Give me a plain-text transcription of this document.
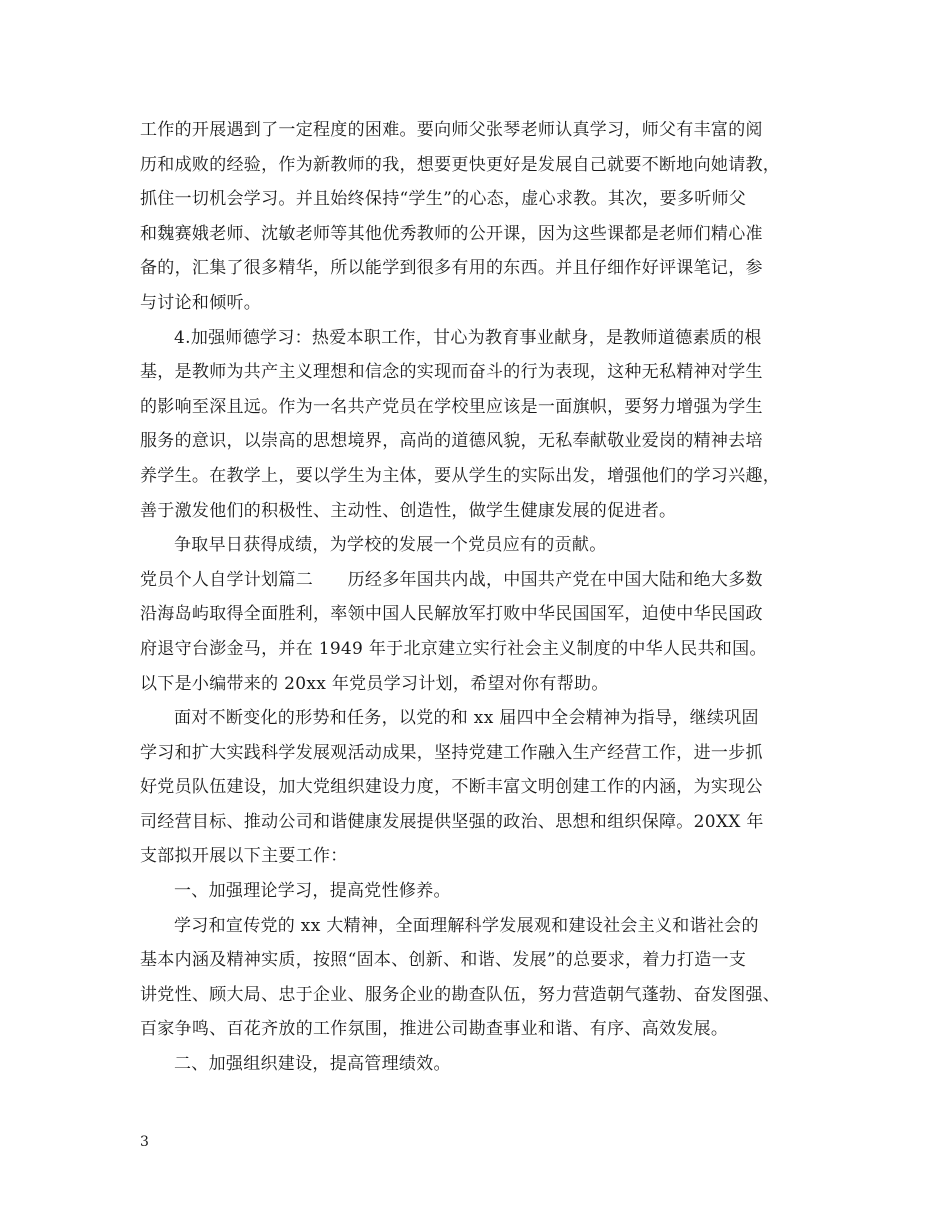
工作的开展遇到了一定程度的困难。要向师父张琴老师认真学习，师父有丰富的阅
历和成败的经验，作为新教师的我，想要更快更好是发展自己就要不断地向她请教，
抓住一切机会学习。并且始终保持“学生”的心态，虚心求教。其次，要多听师父
和魏赛娥老师、沈敏老师等其他优秀教师的公开课，因为这些课都是老师们精心准
备的，汇集了很多精华，所以能学到很多有用的东西。并且仔细作好评课笔记，参
与讨论和倾听。
4.加强师德学习：热爱本职工作，甘心为教育事业献身，是教师道德素质的根
基，是教师为共产主义理想和信念的实现而奋斗的行为表现，这种无私精神对学生
的影响至深且远。作为一名共产党员在学校里应该是一面旗帜，要努力增强为学生
服务的意识，以崇高的思想境界，高尚的道德风貌，无私奉献敬业爱岗的精神去培
养学生。在教学上，要以学生为主体，要从学生的实际出发，增强他们的学习兴趣，
善于激发他们的积极性、主动性、创造性，做学生健康发展的促进者。
争取早日获得成绩，为学校的发展一个党员应有的贡献。
党员个人自学计划篇二　　历经多年国共内战，中国共产党在中国大陆和绝大多数
沿海岛屿取得全面胜利，率领中国人民解放军打败中华民国国军，迫使中华民国政
府退守台澎金马，并在 1949 年于北京建立实行社会主义制度的中华人民共和国。
以下是小编带来的 20xx 年党员学习计划，希望对你有帮助。
面对不断变化的形势和任务，以党的和 xx 届四中全会精神为指导，继续巩固
学习和扩大实践科学发展观活动成果，坚持党建工作融入生产经营工作，进一步抓
好党员队伍建设，加大党组织建设力度，不断丰富文明创建工作的内涵，为实现公
司经营目标、推动公司和谐健康发展提供坚强的政治、思想和组织保障。20XX 年
支部拟开展以下主要工作：
一、加强理论学习，提高党性修养。
学习和宣传党的 xx 大精神，全面理解科学发展观和建设社会主义和谐社会的
基本内涵及精神实质，按照“固本、创新、和谐、发展”的总要求，着力打造一支
讲党性、顾大局、忠于企业、服务企业的勘查队伍，努力营造朝气蓬勃、奋发图强、
百家争鸣、百花齐放的工作氛围，推进公司勘查事业和谐、有序、高效发展。
二、加强组织建设，提高管理绩效。
3
